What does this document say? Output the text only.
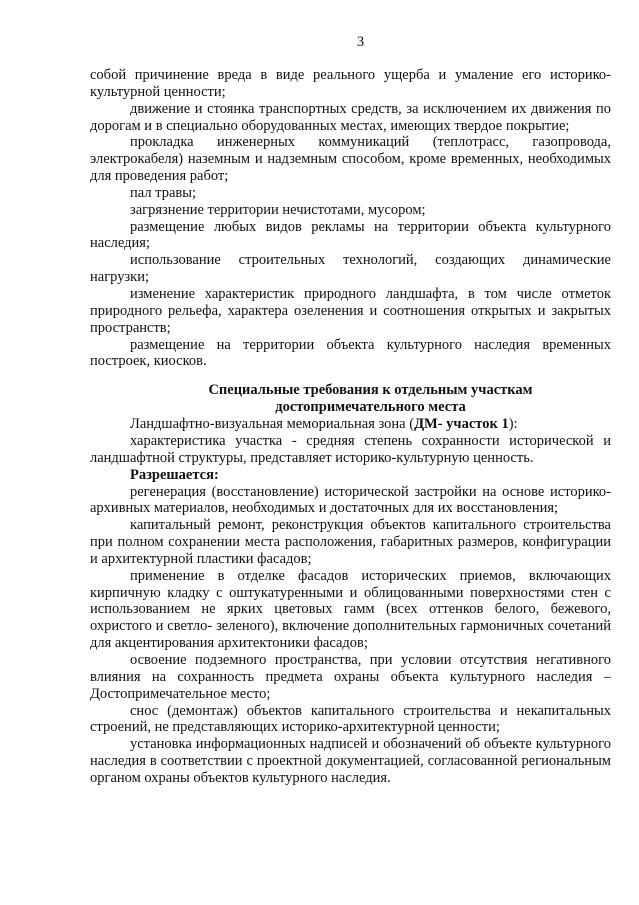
3

собой причинение вреда в виде реального ущерба и умаление его историко-культурной ценности;

движение и стоянка транспортных средств, за исключением их движения по дорогам и в специально оборудованных местах, имеющих твердое покрытие;

прокладка инженерных коммуникаций (теплотрасс, газопровода, электрокабеля) наземным и надземным способом, кроме временных, необходимых для проведения работ;

пал травы;

загрязнение территории нечистотами, мусором;

размещение любых видов рекламы на территории объекта культурного наследия;

использование строительных технологий, создающих динамические нагрузки;

изменение характеристик природного ландшафта, в том числе отметок природного рельефа, характера озеленения и соотношения открытых и закрытых пространств;

размещение на территории объекта культурного наследия временных построек, киосков.

Специальные требования к отдельным участкам
достопримечательного места

Ландшафтно-визуальная мемориальная зона (ДМ- участок 1):

характеристика участка - средняя степень сохранности исторической и ландшафтной структуры, представляет историко-культурную ценность.

Разрешается:

регенерация (восстановление) исторической застройки на основе историко-архивных материалов, необходимых и достаточных для их восстановления;

капитальный ремонт, реконструкция объектов капитального строительства при полном сохранении места расположения, габаритных размеров, конфигурации и архитектурной пластики фасадов;

применение в отделке фасадов исторических приемов, включающих кирпичную кладку с оштукатуренными и облицованными поверхностями стен с использованием не ярких цветовых гамм (всех оттенков белого, бежевого, охристого и светло- зеленого), включение дополнительных гармоничных сочетаний для акцентирования архитектоники фасадов;

освоение подземного пространства, при условии отсутствия негативного влияния на сохранность предмета охраны объекта культурного наследия – Достопримечательное место;

снос (демонтаж) объектов капитального строительства и некапитальных строений, не представляющих историко-архитектурной ценности;

установка информационных надписей и обозначений об объекте культурного наследия в соответствии с проектной документацией, согласованной региональным органом охраны объектов культурного наследия.
